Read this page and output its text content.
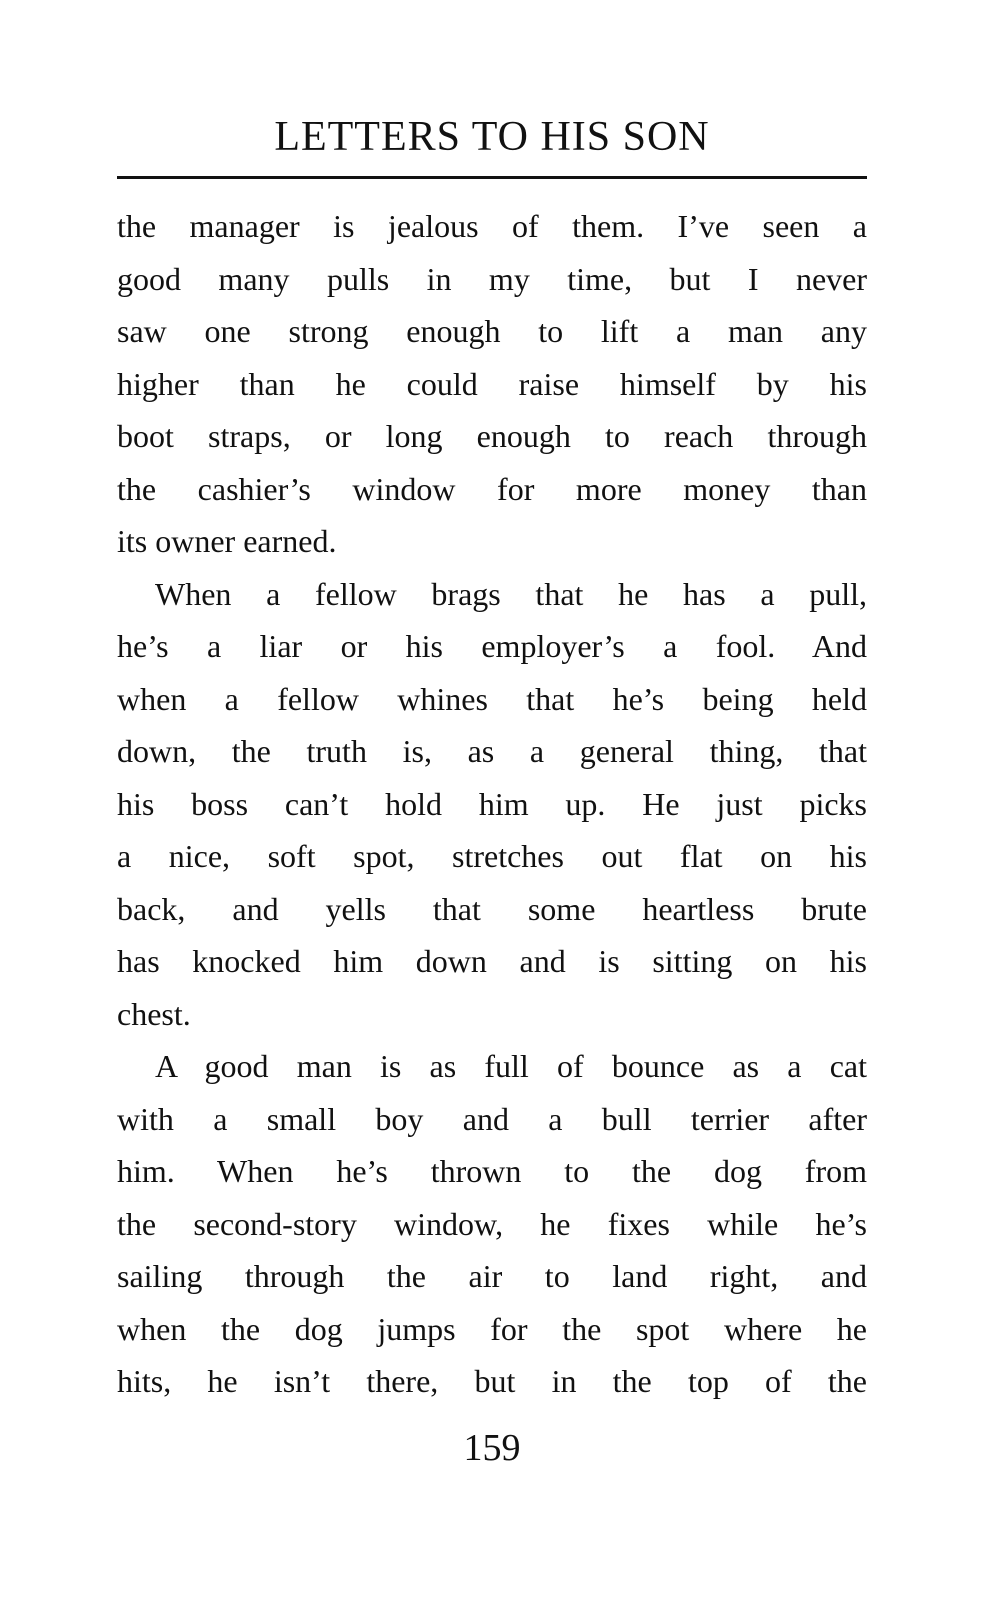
LETTERS TO HIS SON
the manager is jealous of them. I’ve seen a
good many pulls in my time, but I never
saw one strong enough to lift a man any
higher than he could raise himself by his
boot straps, or long enough to reach through
the cashier’s window for more money than
its owner earned.
When a fellow brags that he has a pull,
he’s a liar or his employer’s a fool. And
when a fellow whines that he’s being held
down, the truth is, as a general thing, that
his boss can’t hold him up. He just picks
a nice, soft spot, stretches out flat on his
back, and yells that some heartless brute
has knocked him down and is sitting on his
chest.
A good man is as full of bounce as a cat
with a small boy and a bull terrier after
him. When he’s thrown to the dog from
the second-story window, he fixes while he’s
sailing through the air to land right, and
when the dog jumps for the spot where he
hits, he isn’t there, but in the top of the
159
